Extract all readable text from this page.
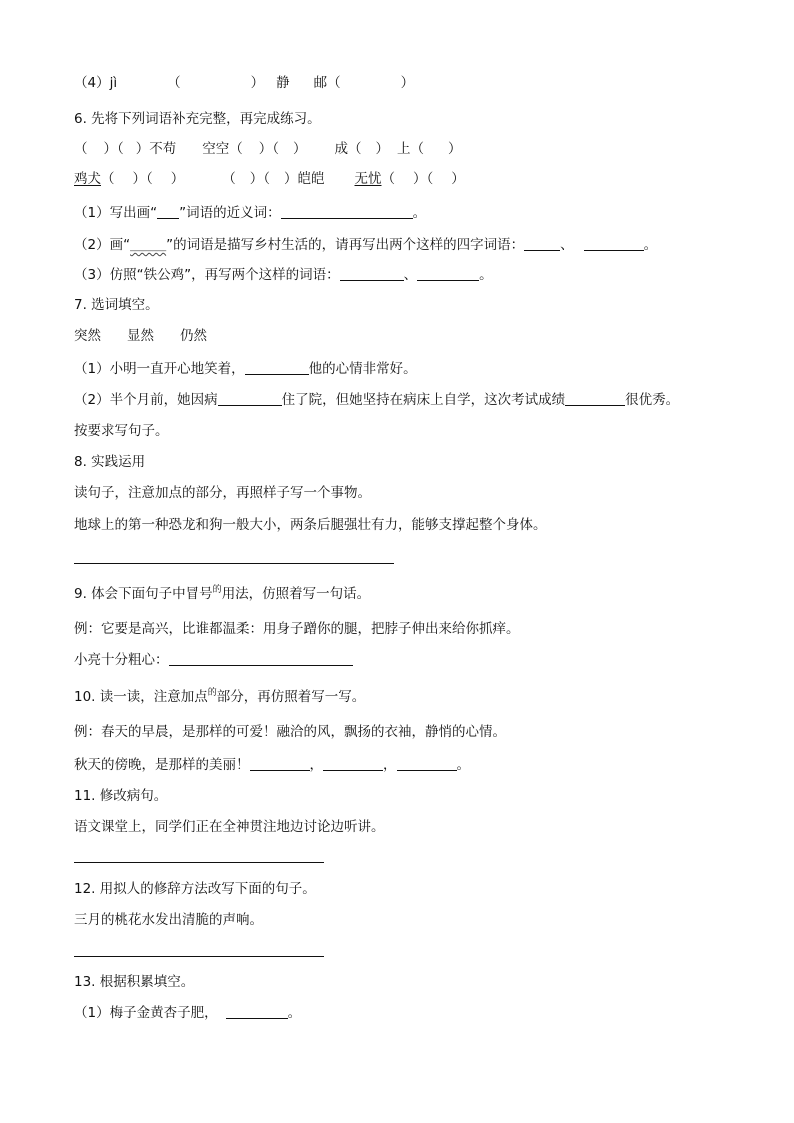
（4）jì	（	） 静 邮（	）
6. 先将下列词语补充完整，再完成练习。
（ ）（ ）不苟 空空（ ）（ ） 成（ ） 上（ ）
鸡犬（ ）（ ）	（ ）（ ）皑皑 无忧（ ）（ ）
（1）写出画“ ”词语的近义词：	。
（2）画“________”的词语是描写乡村生活的，请再写出两个这样的四字词语：	、	。
（3）仿照“铁公鸡”，再写两个这样的词语：	、	。
7. 选词填空。
突然 显然 仍然
（1）小明一直开心地笑着，	他的心情非常好。
（2）半个月前，她因病	住了院，但她坚持在病床上自学，这次考试成绩	很优秀。
按要求写句子。
8. 实践运用
读句子，注意加点的部分，再照样子写一个事物。
地球上的第一种恐龙和狗一般大小，两条后腿强壮有力，能够支撑起整个身体。
9. 体会下面句子中冒号$^的$用法，仿照着写一句话。
例：它要是高兴，比谁都温柔：用身子蹭你的腿，把脖子伸出来给你抓痒。
小亮十分粗心：
10. 读一读，注意加点$^的$部分，再仿照着写一写。
例：春天的早晨，是那样的可爱！融洽的风，飘扬的衣袖，静悄的心情。
秋天的傍晚，是那样的美丽！	，	，	。
11. 修改病句。
语文课堂上，同学们正在全神贯注地边讨论边听讲。
12. 用拟人的修辞方法改写下面的句子。
三月的桃花水发出清脆的声响。
13. 根据积累填空。
（1）梅子金黄杏子肥，	。
